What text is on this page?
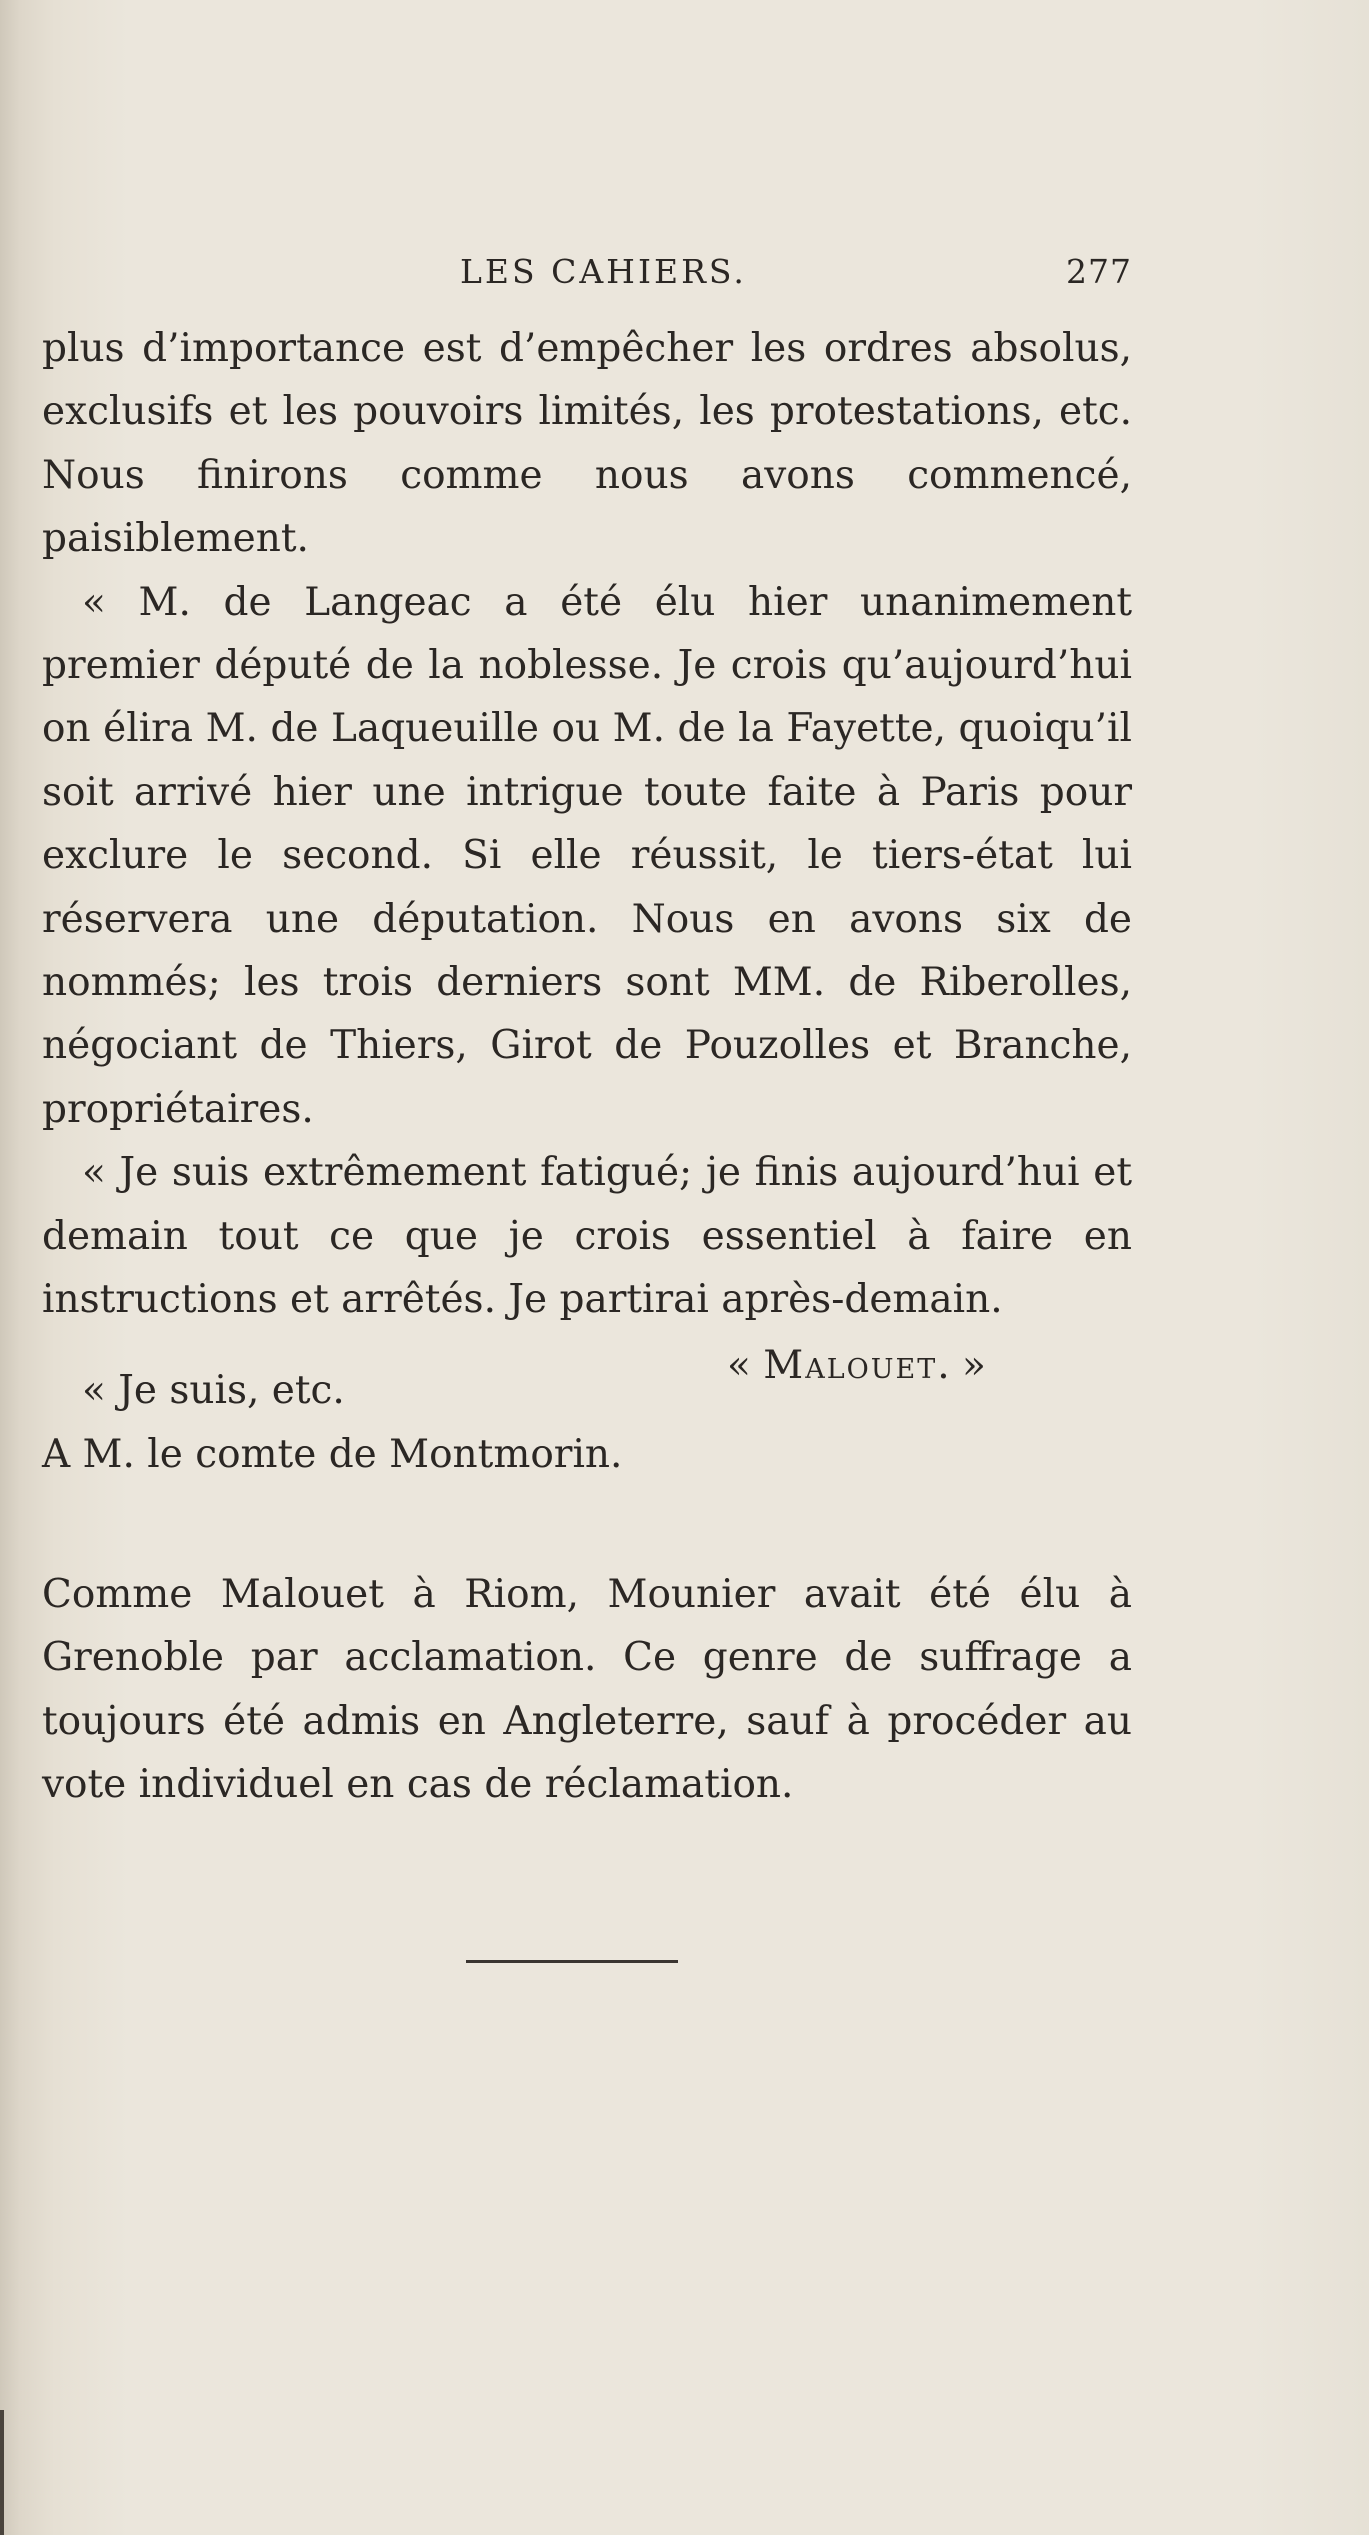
LES CAHIERS.	277

plus d’importance est d’empêcher les ordres absolus, exclusifs et les pouvoirs limités, les protestations, etc. Nous finirons comme nous avons commencé, paisiblement.

« M. de Langeac a été élu hier unanimement premier député de la noblesse. Je crois qu’aujourd’hui on élira M. de Laqueuille ou M. de la Fayette, quoiqu’il soit arrivé hier une intrigue toute faite à Paris pour exclure le second. Si elle réussit, le tiers-état lui réservera une députation. Nous en avons six de nommés; les trois derniers sont MM. de Riberolles, négociant de Thiers, Girot de Pouzolles et Branche, propriétaires.

« Je suis extrêmement fatigué; je finis aujourd’hui et demain tout ce que je crois essentiel à faire en instructions et arrêtés. Je partirai après-demain.

« Je suis, etc.

« Malouet. »
A M. le comte de Montmorin.

Comme Malouet à Riom, Mounier avait été élu à Grenoble par acclamation. Ce genre de suffrage a toujours été admis en Angleterre, sauf à procéder au vote individuel en cas de réclamation.
